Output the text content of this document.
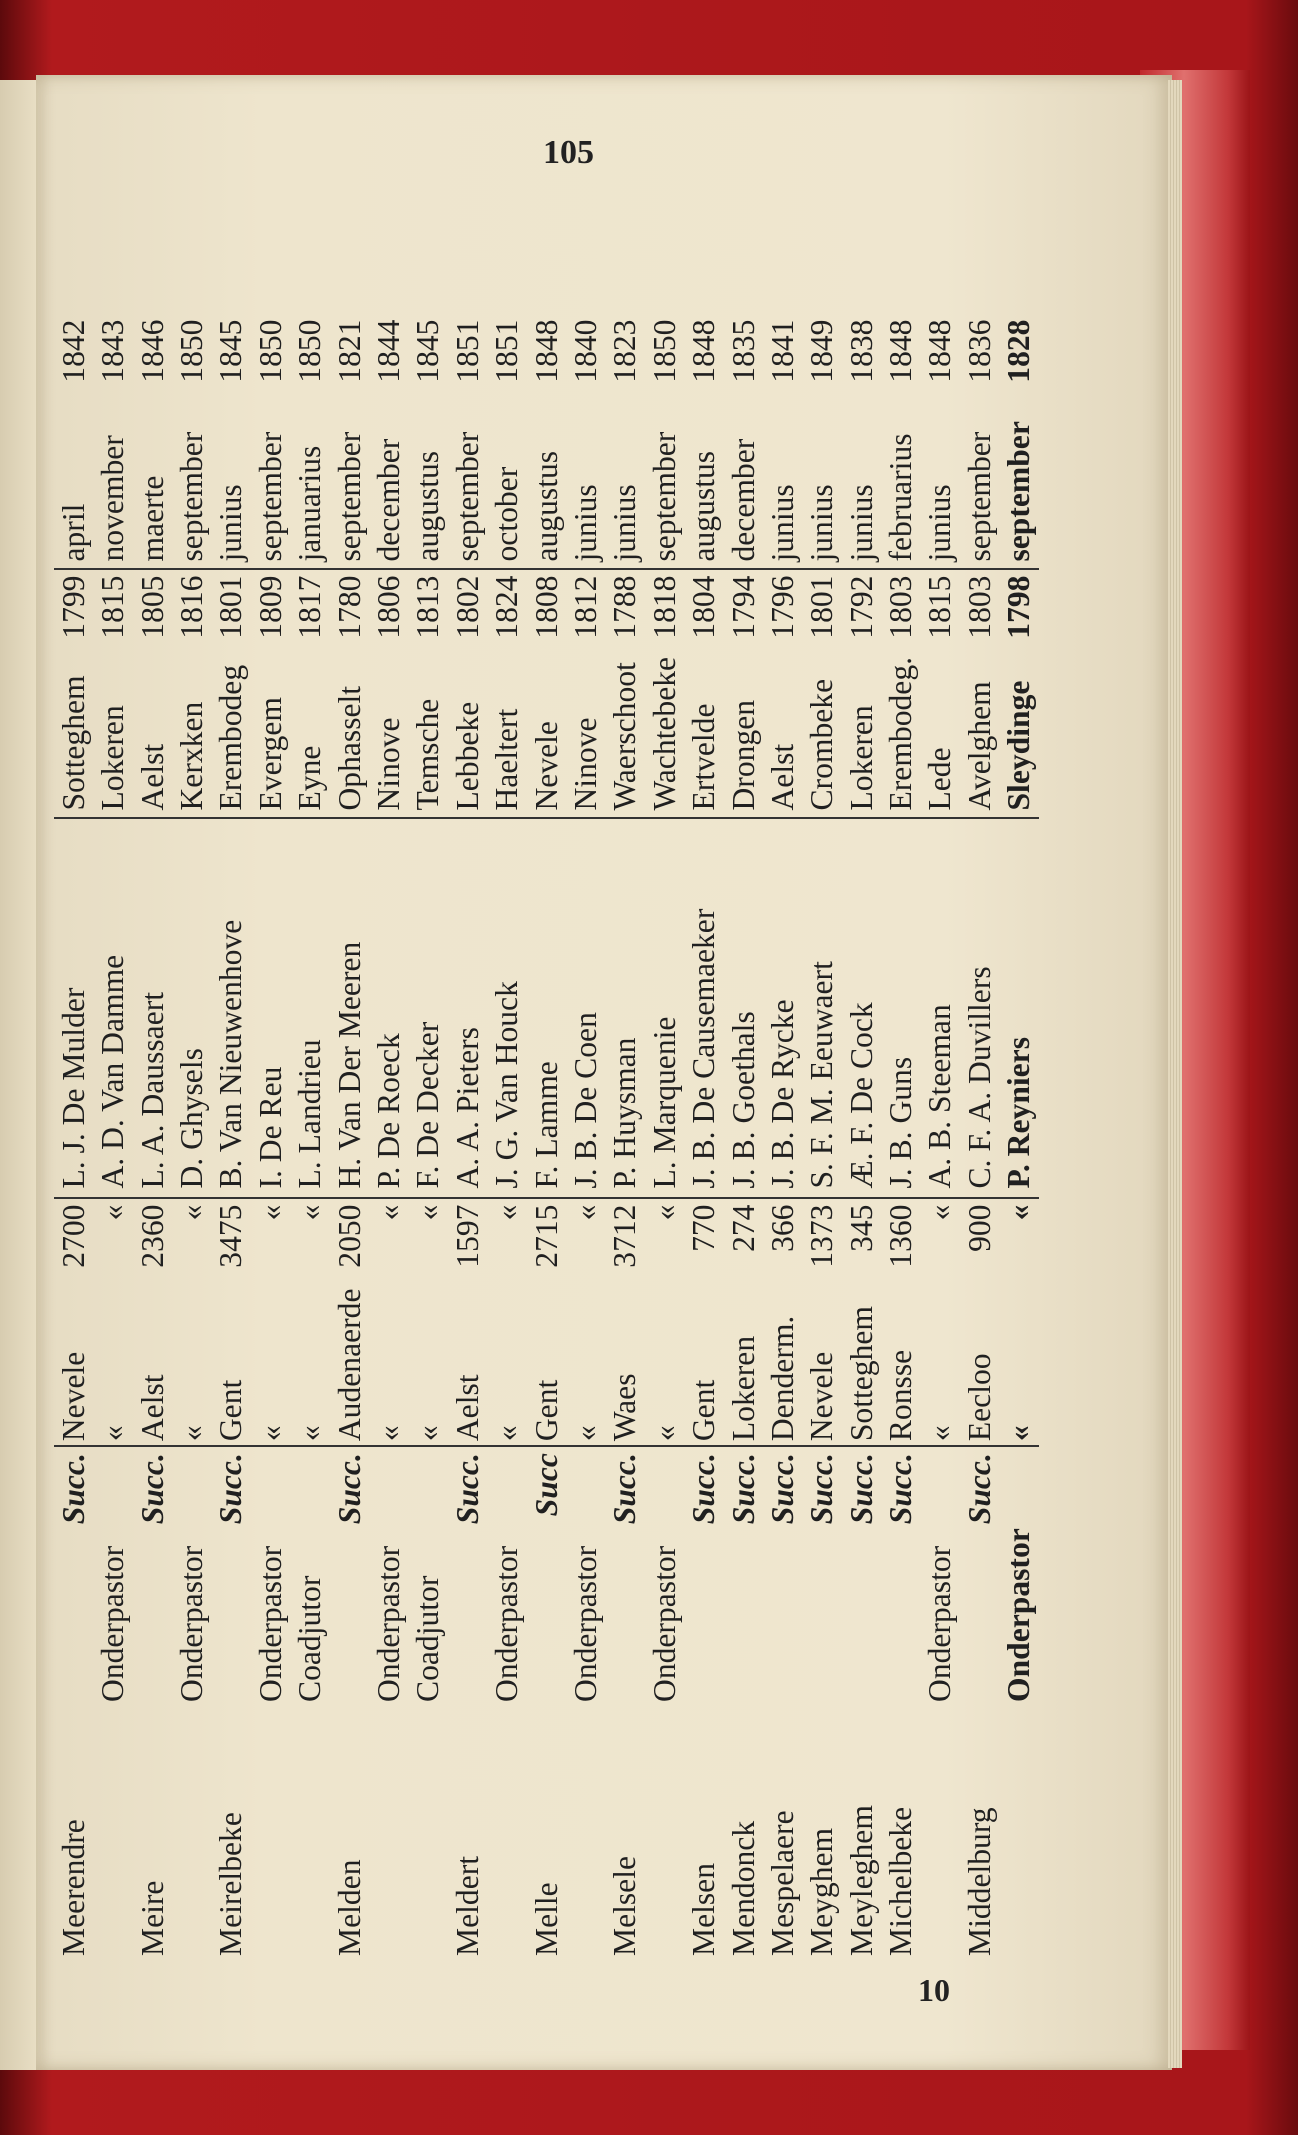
105
10
Meerendre		Succ.	Nevele	2700	L. J. De Mulder	Sotteghem	1799	april	1842
	Onderpastor		«	«	A. D. Van Damme	Lokeren	1815	november	1843
Meire		Succ.	Aelst	2360	L. A. Daussaert	Aelst	1805	maerte	1846
	Onderpastor		«	«	D. Ghysels	Kerxken	1816	september	1850
Meirelbeke		Succ.	Gent	3475	B. Van Nieuwenhove	Erembodeg	1801	junius	1845
	Onderpastor		«	«	I. De Reu	Evergem	1809	september	1850
	Coadjutor		«	«	L. Landrieu	Eyne	1817	januarius	1850
Melden		Succ.	Audenaerde	2050	H. Van Der Meeren	Ophasselt	1780	september	1821
	Onderpastor		«	«	P. De Roeck	Ninove	1806	december	1844
	Coadjutor		«	«	F. De Decker	Temsche	1813	augustus	1845
Meldert		Succ.	Aelst	1597	A. A. Pieters	Lebbeke	1802	september	1851
	Onderpastor		«	«	J. G. Van Houck	Haeltert	1824	october	1851
Melle		Succ	Gent	2715	F. Lamme	Nevele	1808	augustus	1848
	Onderpastor		«	«	J. B. De Coen	Ninove	1812	junius	1840
Melsele		Succ.	Waes	3712	P. Huysman	Waerschoot	1788	junius	1823
	Onderpastor		«	«	L. Marquenie	Wachtebeke	1818	september	1850
Melsen		Succ.	Gent	770	J. B. De Causemaeker	Ertvelde	1804	augustus	1848
Mendonck		Succ.	Lokeren	274	J. B. Goethals	Drongen	1794	december	1835
Mespelaere		Succ.	Denderm.	366	J. B. De Rycke	Aelst	1796	junius	1841
Meyghem		Succ.	Nevele	1373	S. F. M. Eeuwaert	Crombeke	1801	junius	1849
Meyleghem		Succ.	Sotteghem	345	Æ. F. De Cock	Lokeren	1792	junius	1838
Michelbeke		Succ.	Ronsse	1360	J. B. Guns	Erembodeg.	1803	februarius	1848
	Onderpastor		«	«	A. B. Steeman	Lede	1815	junius	1848
Middelburg		Succ.	Eecloo	900	C. F. A. Duvillers	Avelghem	1803	september	1836
	Onderpastor		«	«	P. Reyniers	Sleydinge	1798	september	1828
